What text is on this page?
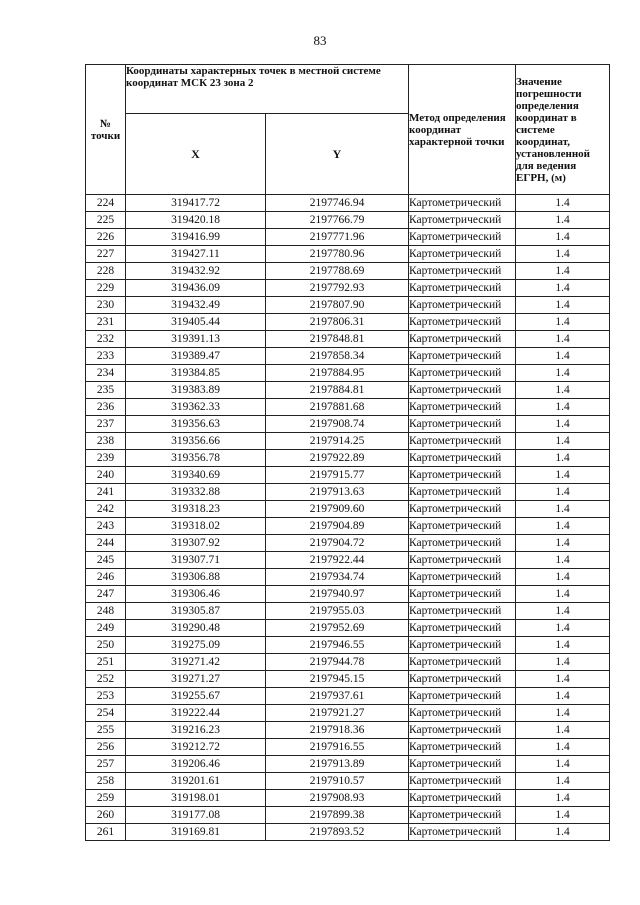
83
№ точки	Координаты характерных точек в местной системе координат МСК 23 зона 2		Метод определения координат характерной точки	Значение погрешности определения координат в системе координат, установленной для ведения ЕГРН, (м)
	X	Y		
224	319417.72	2197746.94	Картометрический	1.4
225	319420.18	2197766.79	Картометрический	1.4
226	319416.99	2197771.96	Картометрический	1.4
227	319427.11	2197780.96	Картометрический	1.4
228	319432.92	2197788.69	Картометрический	1.4
229	319436.09	2197792.93	Картометрический	1.4
230	319432.49	2197807.90	Картометрический	1.4
231	319405.44	2197806.31	Картометрический	1.4
232	319391.13	2197848.81	Картометрический	1.4
233	319389.47	2197858.34	Картометрический	1.4
234	319384.85	2197884.95	Картометрический	1.4
235	319383.89	2197884.81	Картометрический	1.4
236	319362.33	2197881.68	Картометрический	1.4
237	319356.63	2197908.74	Картометрический	1.4
238	319356.66	2197914.25	Картометрический	1.4
239	319356.78	2197922.89	Картометрический	1.4
240	319340.69	2197915.77	Картометрический	1.4
241	319332.88	2197913.63	Картометрический	1.4
242	319318.23	2197909.60	Картометрический	1.4
243	319318.02	2197904.89	Картометрический	1.4
244	319307.92	2197904.72	Картометрический	1.4
245	319307.71	2197922.44	Картометрический	1.4
246	319306.88	2197934.74	Картометрический	1.4
247	319306.46	2197940.97	Картометрический	1.4
248	319305.87	2197955.03	Картометрический	1.4
249	319290.48	2197952.69	Картометрический	1.4
250	319275.09	2197946.55	Картометрический	1.4
251	319271.42	2197944.78	Картометрический	1.4
252	319271.27	2197945.15	Картометрический	1.4
253	319255.67	2197937.61	Картометрический	1.4
254	319222.44	2197921.27	Картометрический	1.4
255	319216.23	2197918.36	Картометрический	1.4
256	319212.72	2197916.55	Картометрический	1.4
257	319206.46	2197913.89	Картометрический	1.4
258	319201.61	2197910.57	Картометрический	1.4
259	319198.01	2197908.93	Картометрический	1.4
260	319177.08	2197899.38	Картометрический	1.4
261	319169.81	2197893.52	Картометрический	1.4
